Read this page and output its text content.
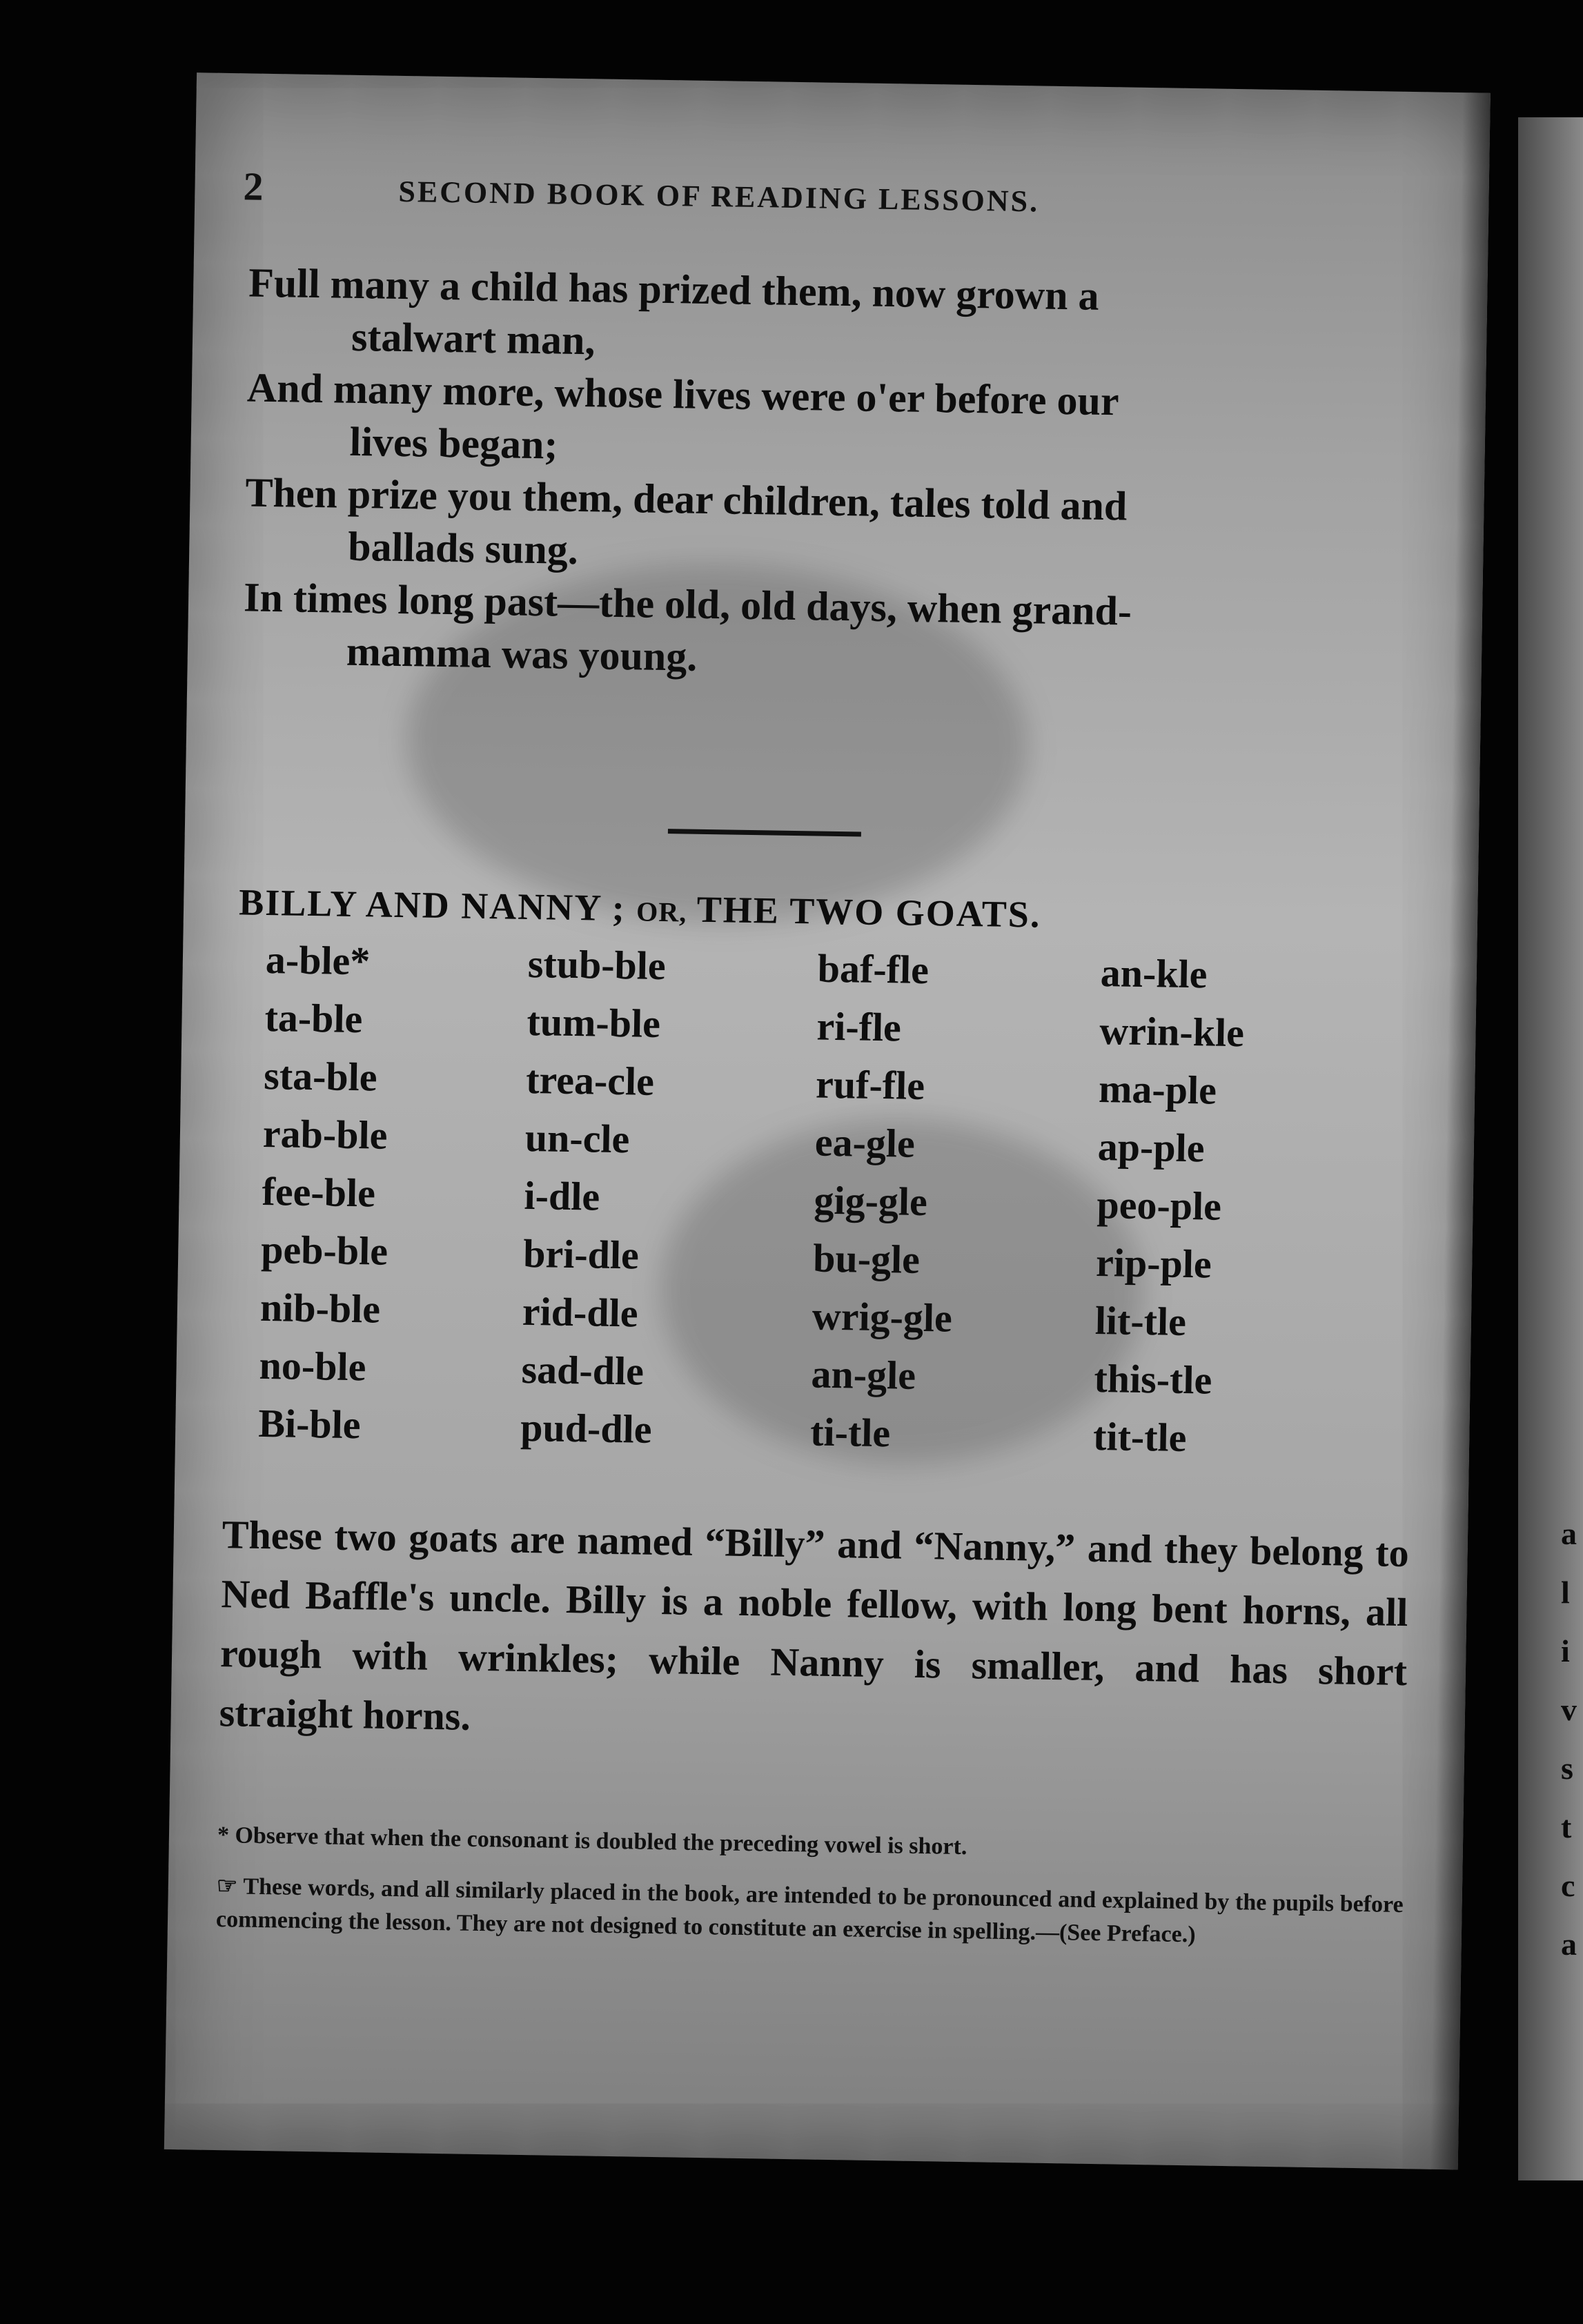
a
l
i
v
s
t
c
a
2	SECOND BOOK OF READING LESSONS.
Full many a child has prized them, now grown a
stalwart man,
And many more, whose lives were o'er before our
lives began;
Then prize you them, dear children, tales told and
ballads sung.
In times long past—the old, old days, when grand-
mamma was young.
BILLY AND NANNY ; OR, THE TWO GOATS.
a-ble*
ta-ble
sta-ble
rab-ble
fee-ble
peb-ble
nib-ble
no-ble
Bi-ble
stub-ble
tum-ble
trea-cle
un-cle
i-dle
bri-dle
rid-dle
sad-dle
pud-dle
baf-fle
ri-fle
ruf-fle
ea-gle
gig-gle
bu-gle
wrig-gle
an-gle
ti-tle
an-kle
wrin-kle
ma-ple
ap-ple
peo-ple
rip-ple
lit-tle
this-tle
tit-tle
These two goats are named “Billy” and “Nanny,” and they belong to Ned Baffle's uncle. Billy is a noble fellow, with long bent horns, all rough with wrinkles; while Nanny is smaller, and has short
straight horns.
* Observe that when the consonant is doubled the preceding vowel is short.
☞ These words, and all similarly placed in the book, are intended to be pronounced and explained by the pupils before commencing the lesson. They are not designed to constitute an exercise in spelling.—(See Preface.)
